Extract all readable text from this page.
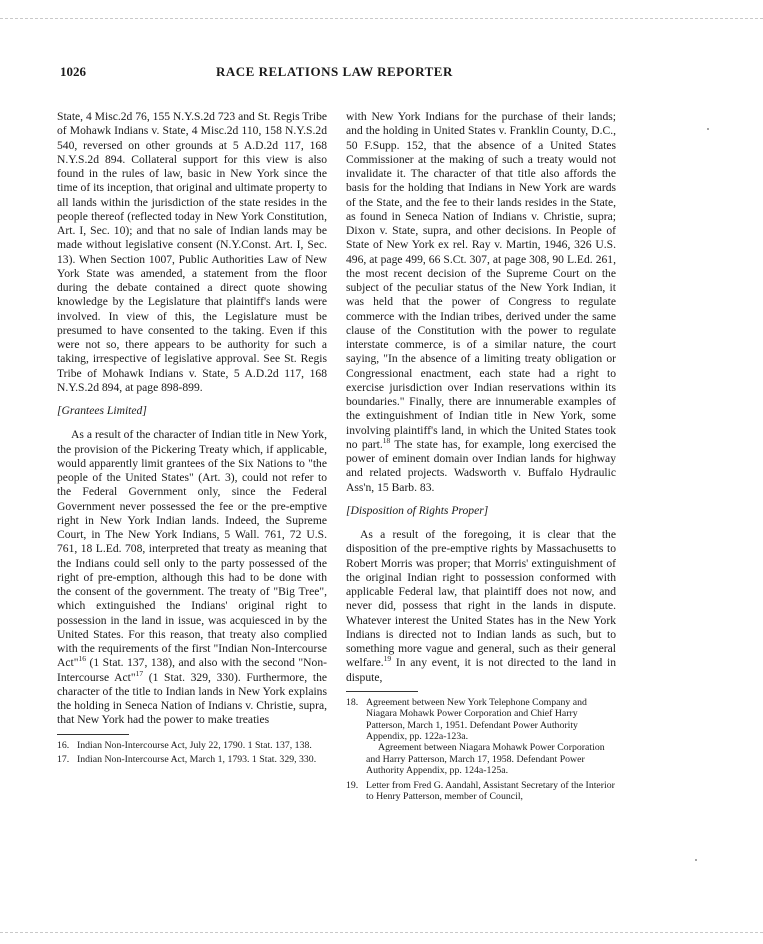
1026	RACE RELATIONS LAW REPORTER

State, 4 Misc.2d 76, 155 N.Y.S.2d 723 and St. Regis Tribe of Mohawk Indians v. State, 4 Misc.2d 110, 158 N.Y.S.2d 540, reversed on other grounds at 5 A.D.2d 117, 168 N.Y.S.2d 894. Collateral support for this view is also found in the rules of law, basic in New York since the time of its inception, that original and ultimate property to all lands within the jurisdiction of the state resides in the people thereof (reflected today in New York Constitution, Art. I, Sec. 10); and that no sale of Indian lands may be made without legislative consent (N.Y.Const. Art. I, Sec. 13). When Section 1007, Public Authorities Law of New York State was amended, a statement from the floor during the debate contained a direct quote showing knowledge by the Legislature that plaintiff's lands were involved. In view of this, the Legislature must be presumed to have consented to the taking. Even if this were not so, there appears to be authority for such a taking, irrespective of legislative approval. See St. Regis Tribe of Mohawk Indians v. State, 5 A.D.2d 117, 168 N.Y.S.2d 894, at page 898-899.

[Grantees Limited]

As a result of the character of Indian title in New York, the provision of the Pickering Treaty which, if applicable, would apparently limit grantees of the Six Nations to "the people of the United States" (Art. 3), could not refer to the Federal Government only, since the Federal Government never possessed the fee or the pre-emptive right in New York Indian lands. Indeed, the Supreme Court, in The New York Indians, 5 Wall. 761, 72 U.S. 761, 18 L.Ed. 708, interpreted that treaty as meaning that the Indians could sell only to the party possessed of the right of pre-emption, although this had to be done with the consent of the government. The treaty of "Big Tree", which extinguished the Indians' original right to possession in the land in issue, was acquiesced in by the United States. For this reason, that treaty also complied with the requirements of the first "Indian Non-Intercourse Act"$^{16}$ (1 Stat. 137, 138), and also with the second "Non-Intercourse Act"$^{17}$ (1 Stat. 329, 330). Furthermore, the character of the title to Indian lands in New York explains the holding in Seneca Nation of Indians v. Christie, supra, that New York had the power to make treaties

16. Indian Non-Intercourse Act, July 22, 1790. 1 Stat. 137, 138.
17. Indian Non-Intercourse Act, March 1, 1793. 1 Stat. 329, 330.

with New York Indians for the purchase of their lands; and the holding in United States v. Franklin County, D.C., 50 F.Supp. 152, that the absence of a United States Commissioner at the making of such a treaty would not invalidate it. The character of that title also affords the basis for the holding that Indians in New York are wards of the State, and the fee to their lands resides in the State, as found in Seneca Nation of Indians v. Christie, supra; Dixon v. State, supra, and other decisions. In People of State of New York ex rel. Ray v. Martin, 1946, 326 U.S. 496, at page 499, 66 S.Ct. 307, at page 308, 90 L.Ed. 261, the most recent decision of the Supreme Court on the subject of the peculiar status of the New York Indian, it was held that the power of Congress to regulate commerce with the Indian tribes, derived under the same clause of the Constitution with the power to regulate interstate commerce, is of a similar nature, the court saying, "In the absence of a limiting treaty obligation or Congressional enactment, each state had a right to exercise jurisdiction over Indian reservations within its boundaries." Finally, there are innumerable examples of the extinguishment of Indian title in New York, some involving plaintiff's land, in which the United States took no part.$^{18}$ The state has, for example, long exercised the power of eminent domain over Indian lands for highway and related projects. Wadsworth v. Buffalo Hydraulic Ass'n, 15 Barb. 83.

[Disposition of Rights Proper]

As a result of the foregoing, it is clear that the disposition of the pre-emptive rights by Massachusetts to Robert Morris was proper; that Morris' extinguishment of the original Indian right to possession conformed with applicable Federal law, that plaintiff does not now, and never did, possess that right in the lands in dispute. Whatever interest the United States has in the New York Indians is directed not to Indian lands as such, but to something more vague and general, such as their general welfare.$^{19}$ In any event, it is not directed to the land in dispute,

18. Agreement between New York Telephone Company and Niagara Mohawk Power Corporation and Chief Harry Patterson, March 1, 1951. Defendant Power Authority Appendix, pp. 122a-123a.
Agreement between Niagara Mohawk Power Corporation and Harry Patterson, March 17, 1958. Defendant Power Authority Appendix, pp. 124a-125a.
19. Letter from Fred G. Aandahl, Assistant Secretary of the Interior to Henry Patterson, member of Council,
